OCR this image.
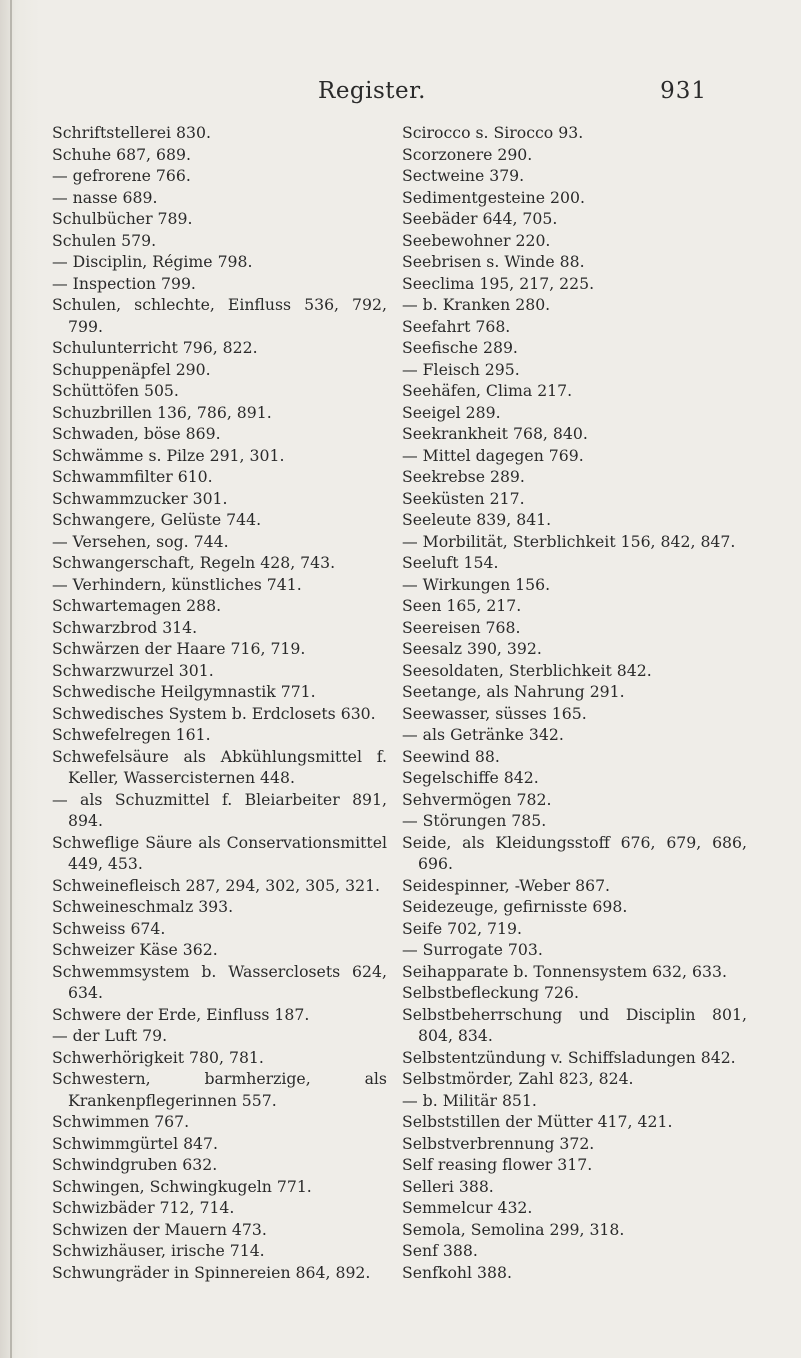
Register.	931
Schriftstellerei 830.
Schuhe 687, 689.
— gefrorene 766.
— nasse 689.
Schulbücher 789.
Schulen 579.
— Disciplin, Régime 798.
— Inspection 799.
Schulen, schlechte, Einfluss 536, 792, 799.
Schulunterricht 796, 822.
Schuppenäpfel 290.
Schüttöfen 505.
Schuzbrillen 136, 786, 891.
Schwaden, böse 869.
Schwämme s. Pilze 291, 301.
Schwammfilter 610.
Schwammzucker 301.
Schwangere, Gelüste 744.
— Versehen, sog. 744.
Schwangerschaft, Regeln 428, 743.
— Verhindern, künstliches 741.
Schwartemagen 288.
Schwarzbrod 314.
Schwärzen der Haare 716, 719.
Schwarzwurzel 301.
Schwedische Heilgymnastik 771.
Schwedisches System b. Erdclosets 630.
Schwefelregen 161.
Schwefelsäure als Abkühlungsmittel f. Keller, Wassercisternen 448.
— als Schuzmittel f. Bleiarbeiter 891, 894.
Schweflige Säure als Conservationsmittel 449, 453.
Schweinefleisch 287, 294, 302, 305, 321.
Schweineschmalz 393.
Schweiss 674.
Schweizer Käse 362.
Schwemmsystem b. Wasserclosets 624, 634.
Schwere der Erde, Einfluss 187.
— der Luft 79.
Schwerhörigkeit 780, 781.
Schwestern, barmherzige, als Krankenpflegerinnen 557.
Schwimmen 767.
Schwimmgürtel 847.
Schwindgruben 632.
Schwingen, Schwingkugeln 771.
Schwizbäder 712, 714.
Schwizen der Mauern 473.
Schwizhäuser, irische 714.
Schwungräder in Spinnereien 864, 892.
Scirocco s. Sirocco 93.
Scorzonere 290.
Sectweine 379.
Sedimentgesteine 200.
Seebäder 644, 705.
Seebewohner 220.
Seebrisen s. Winde 88.
Seeclima 195, 217, 225.
— b. Kranken 280.
Seefahrt 768.
Seefische 289.
— Fleisch 295.
Seehäfen, Clima 217.
Seeigel 289.
Seekrankheit 768, 840.
— Mittel dagegen 769.
Seekrebse 289.
Seeküsten 217.
Seeleute 839, 841.
— Morbilität, Sterblichkeit 156, 842, 847.
Seeluft 154.
— Wirkungen 156.
Seen 165, 217.
Seereisen 768.
Seesalz 390, 392.
Seesoldaten, Sterblichkeit 842.
Seetange, als Nahrung 291.
Seewasser, süsses 165.
— als Getränke 342.
Seewind 88.
Segelschiffe 842.
Sehvermögen 782.
— Störungen 785.
Seide, als Kleidungsstoff 676, 679, 686, 696.
Seidespinner, -Weber 867.
Seidezeuge, gefirnisste 698.
Seife 702, 719.
— Surrogate 703.
Seihapparate b. Tonnensystem 632, 633.
Selbstbefleckung 726.
Selbstbeherrschung und Disciplin 801, 804, 834.
Selbstentzündung v. Schiffsladungen 842.
Selbstmörder, Zahl 823, 824.
— b. Militär 851.
Selbststillen der Mütter 417, 421.
Selbstverbrennung 372.
Self reasing flower 317.
Selleri 388.
Semmelcur 432.
Semola, Semolina 299, 318.
Senf 388.
Senfkohl 388.
